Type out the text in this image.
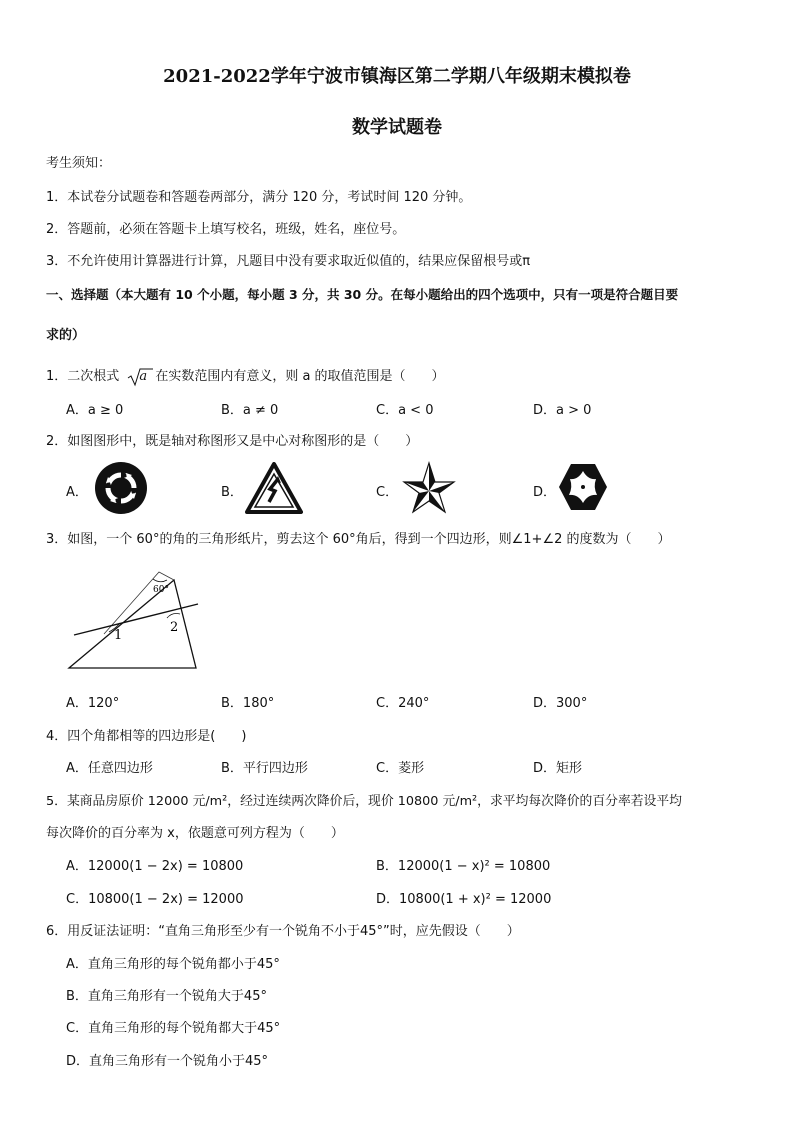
2021-2022学年宁波市镇海区第二学期八年级期末模拟卷
数学试题卷
考生须知：
1．本试卷分试题卷和答题卷两部分，满分 120 分，考试时间 120 分钟。
2．答题前，必须在答题卡上填写校名，班级，姓名，座位号。
3．不允许使用计算器进行计算，凡题目中没有要求取近似值的，结果应保留根号或π
一、选择题（本大题有 10 个小题，每小题 3 分，共 30 分。在每小题给出的四个选项中，只有一项是符合题目要
求的）
1．二次根式 a 在实数范围内有意义，则 a 的取值范围是（　　）
A．a ≥ 0	B．a ≠ 0	C．a < 0	D．a > 0
2．如图图形中，既是轴对称图形又是中心对称图形的是（　　）
A．	B．	C．	D．
3．如图，一个 60°的角的三角形纸片，剪去这个 60°角后，得到一个四边形，则∠1+∠2 的度数为（　　）
60°
1
2
A．120°	B．180°	C．240°	D．300°
4．四个角都相等的四边形是(　　)
A．任意四边形	B．平行四边形	C．菱形	D．矩形
5．某商品房原价 12000 元/m²，经过连续两次降价后，现价 10800 元/m²，求平均每次降价的百分率若设平均
每次降价的百分率为 x，依题意可列方程为（　　）
A．12000(1 − 2x) = 10800	B．12000(1 − x)² = 10800
C．10800(1 − 2x) = 12000	D．10800(1 + x)² = 12000
6．用反证法证明：“直角三角形至少有一个锐角不小于45°”时，应先假设（　　）
A．直角三角形的每个锐角都小于45°
B．直角三角形有一个锐角大于45°
C．直角三角形的每个锐角都大于45°
D．直角三角形有一个锐角小于45°
